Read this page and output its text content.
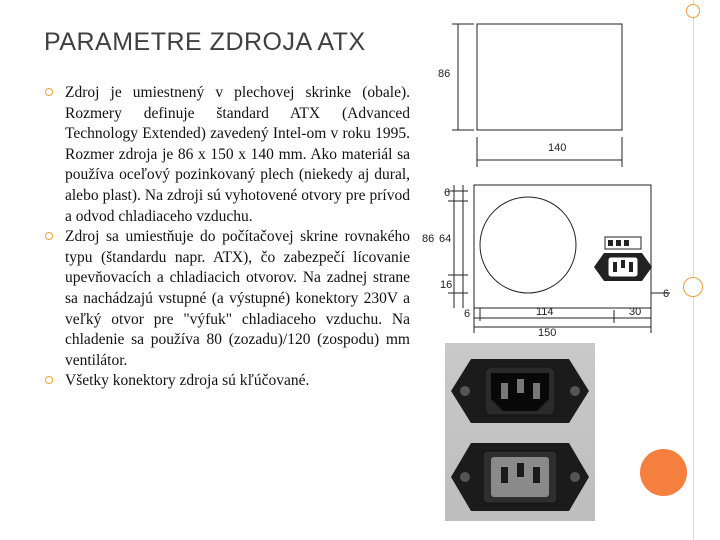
PARAMETRE ZDROJA ATX
Zdroj je umiestnený v plechovej skrinke (obale). Rozmery definuje štandard ATX (Advanced Technology Extended) zavedený Intel-om v roku 1995. Rozmer zdroja je 86 x 150 x 140 mm. Ako materiál sa používa oceľový pozinkovaný plech (niekedy aj dural, alebo plast). Na zdroji sú vyhotovené otvory pre prívod a odvod chladiaceho vzduchu.
Zdroj sa umiestňuje do počítačovej skrine rovnakého typu (štandardu napr. ATX), čo zabezpečí lícovanie upevňovacích a chladiacich otvorov. Na zadnej strane sa nachádzajú vstupné (a výstupné) konektory 230V a veľký otvor pre "výfuk" chladiaceho vzduchu. Na chladenie sa používa 80 (zozadu)/120 (zospodu) mm ventilátor.
Všetky konektory zdroja sú kľúčované.
86
140
6
86 64
16
6	114	30
150
6
